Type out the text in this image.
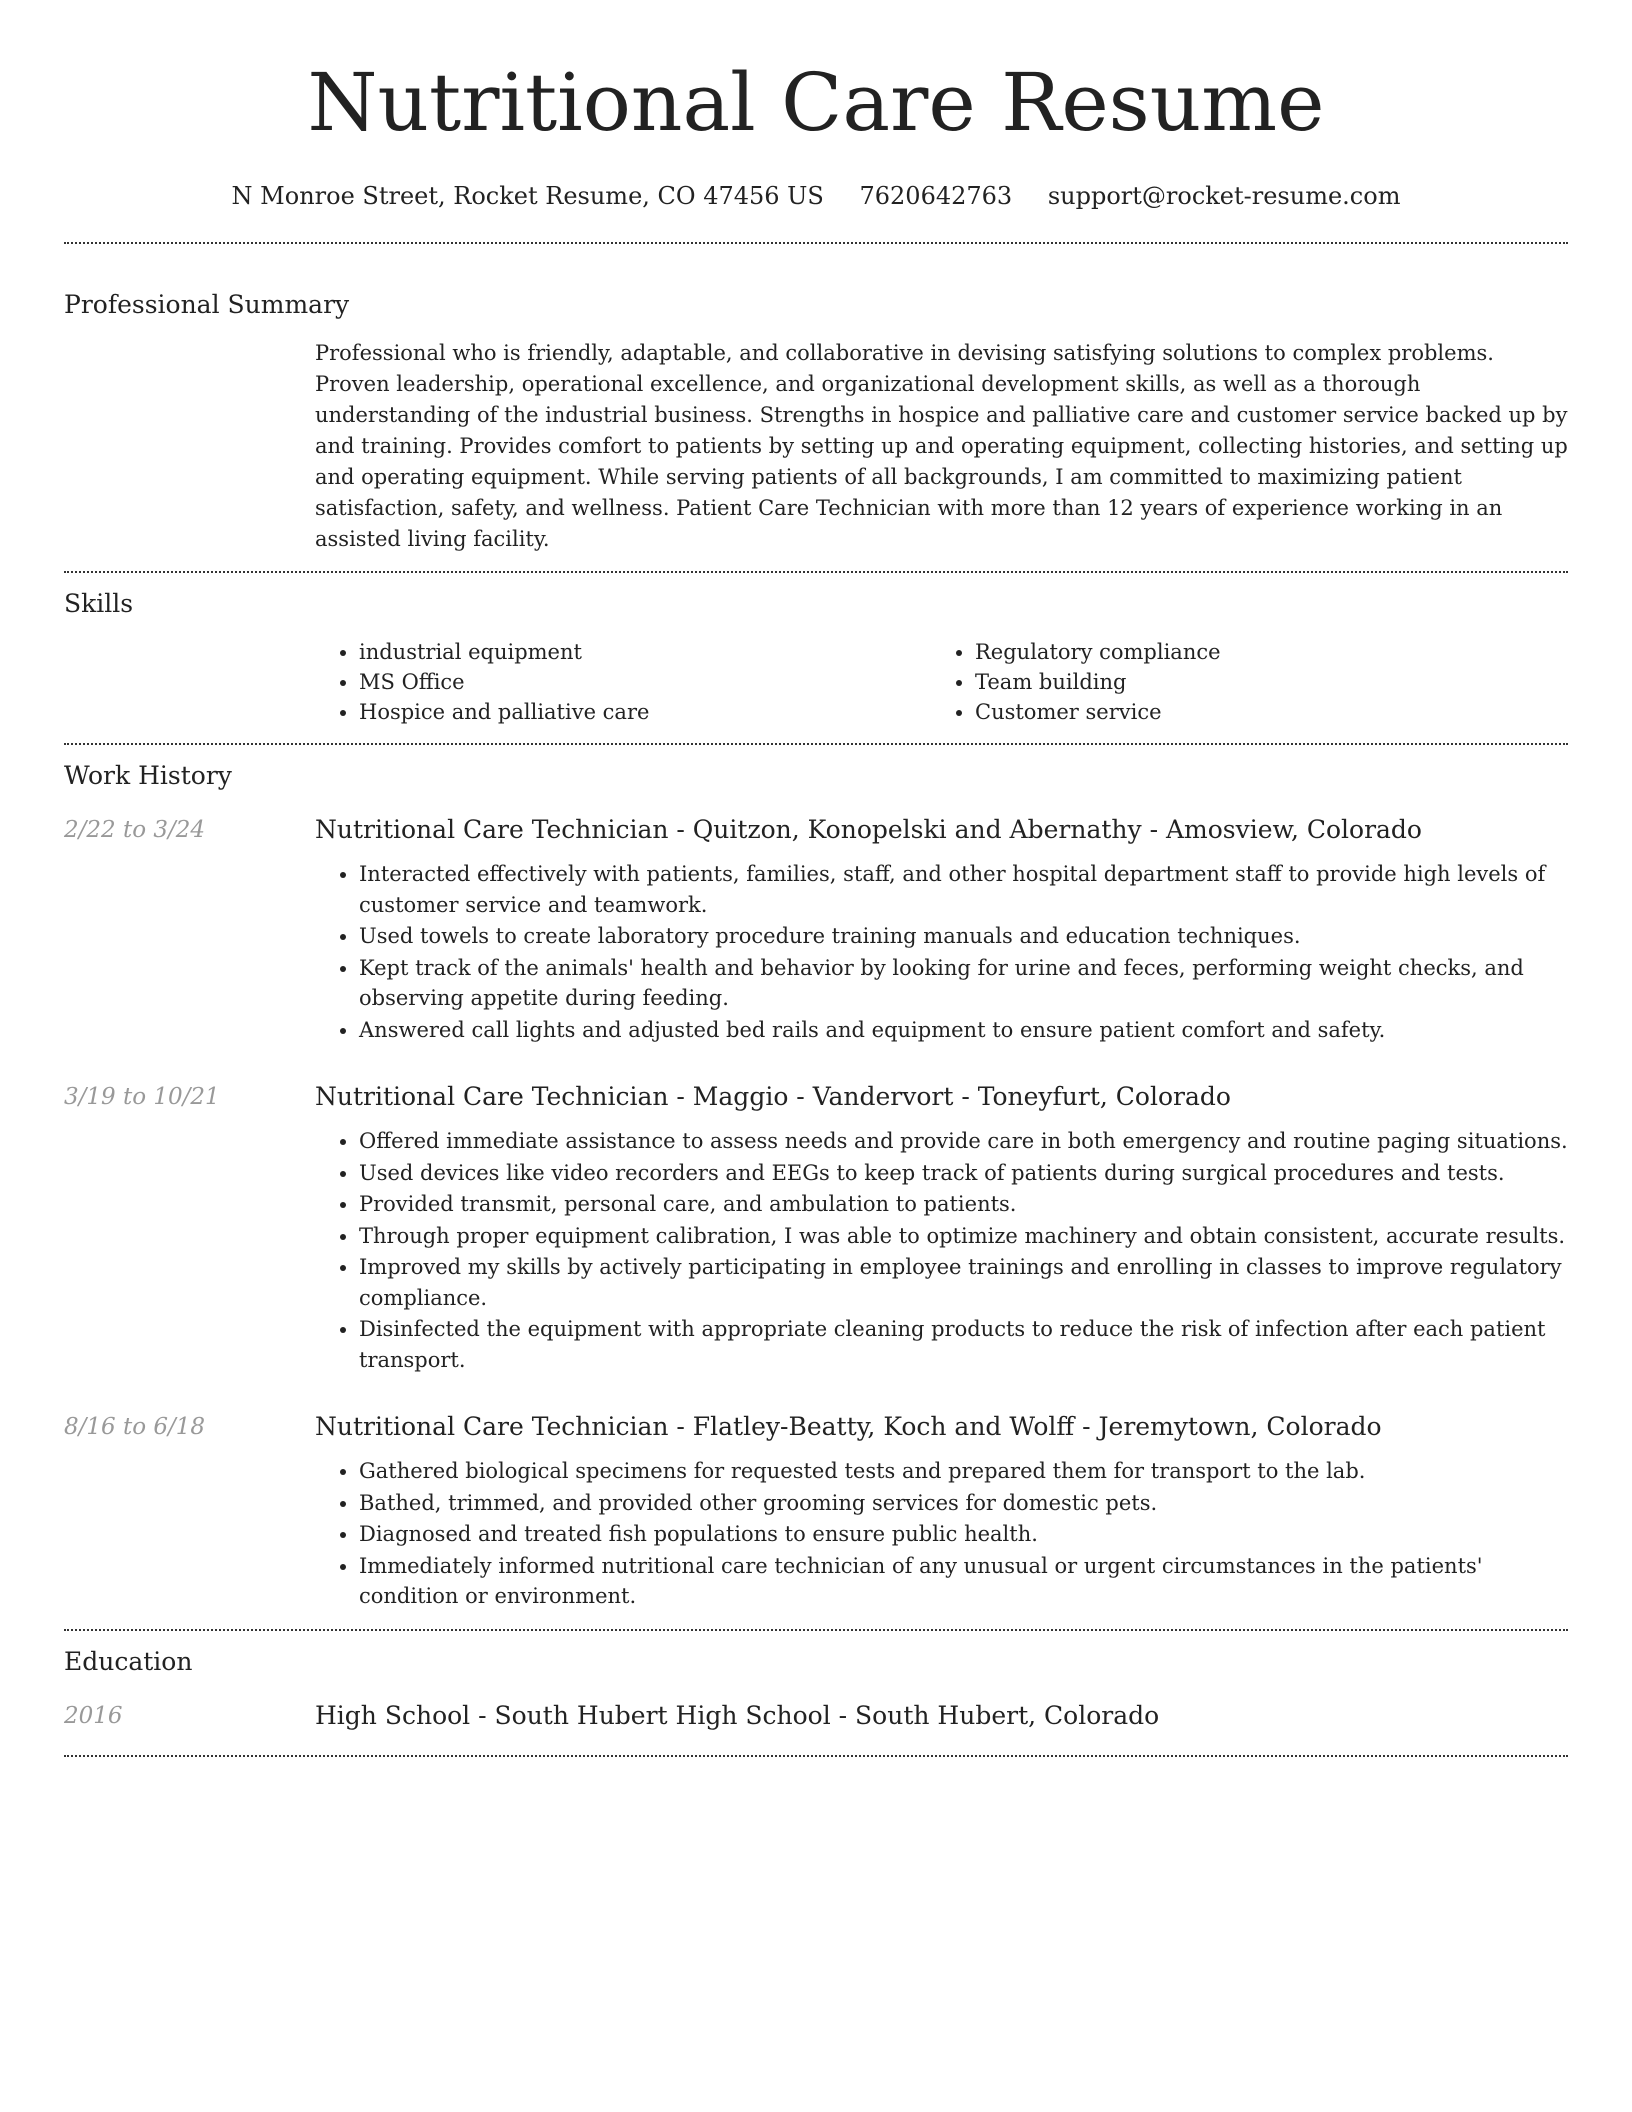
Nutritional Care Resume
N Monroe Street, Rocket Resume, CO 47456 US 7620642763 support@rocket-resume.com
Professional Summary

Professional who is friendly, adaptable, and collaborative in devising satisfying solutions to complex problems. Proven leadership, operational excellence, and organizational development skills, as well as a thorough understanding of the industrial business. Strengths in hospice and palliative care and customer service backed up by and training. Provides comfort to patients by setting up and operating equipment, collecting histories, and setting up and operating equipment. While serving patients of all backgrounds, I am committed to maximizing patient satisfaction, safety, and wellness. Patient Care Technician with more than 12 years of experience working in an assisted living facility.

Skills
• industrial equipment
• MS Office
• Hospice and palliative care
• Regulatory compliance
• Team building
• Customer service
Work History
2/22 to 3/24	Nutritional Care Technician - Quitzon, Konopelski and Abernathy - Amosview, Colorado
• Interacted effectively with patients, families, staff, and other hospital department staff to provide high levels of customer service and teamwork.
• Used towels to create laboratory procedure training manuals and education techniques.
• Kept track of the animals' health and behavior by looking for urine and feces, performing weight checks, and observing appetite during feeding.
• Answered call lights and adjusted bed rails and equipment to ensure patient comfort and safety.
3/19 to 10/21	Nutritional Care Technician - Maggio - Vandervort - Toneyfurt, Colorado
• Offered immediate assistance to assess needs and provide care in both emergency and routine paging situations.
• Used devices like video recorders and EEGs to keep track of patients during surgical procedures and tests.
• Provided transmit, personal care, and ambulation to patients.
• Through proper equipment calibration, I was able to optimize machinery and obtain consistent, accurate results.
• Improved my skills by actively participating in employee trainings and enrolling in classes to improve regulatory compliance.
• Disinfected the equipment with appropriate cleaning products to reduce the risk of infection after each patient transport.
8/16 to 6/18	Nutritional Care Technician - Flatley-Beatty, Koch and Wolff - Jeremytown, Colorado
• Gathered biological specimens for requested tests and prepared them for transport to the lab.
• Bathed, trimmed, and provided other grooming services for domestic pets.
• Diagnosed and treated fish populations to ensure public health.
• Immediately informed nutritional care technician of any unusual or urgent circumstances in the patients' condition or environment.
Education
2016	High School - South Hubert High School - South Hubert, Colorado
